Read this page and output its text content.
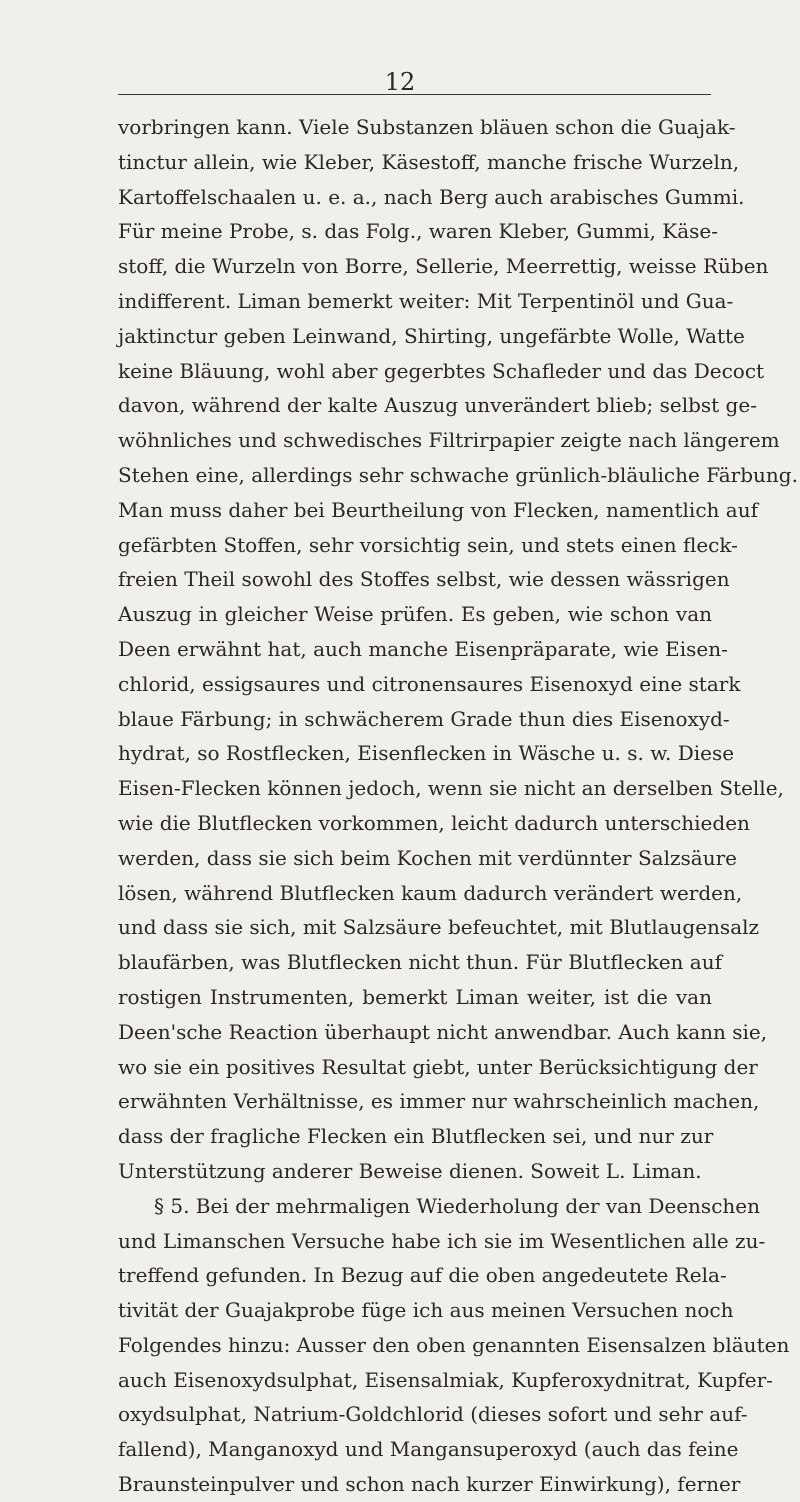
12
vorbringen kann. Viele Substanzen bläuen schon die Guajak-
tinctur allein, wie Kleber, Käsestoff, manche frische Wurzeln,
Kartoffelschaalen u. e. a., nach Berg auch arabisches Gummi.
Für meine Probe, s. das Folg., waren Kleber, Gummi, Käse-
stoff, die Wurzeln von Borre, Sellerie, Meerrettig, weisse Rüben
indifferent. Liman bemerkt weiter: Mit Terpentinöl und Gua-
jaktinctur geben Leinwand, Shirting, ungefärbte Wolle, Watte
keine Bläuung, wohl aber gegerbtes Schafleder und das Decoct
davon, während der kalte Auszug unverändert blieb; selbst ge-
wöhnliches und schwedisches Filtrirpapier zeigte nach längerem
Stehen eine, allerdings sehr schwache grünlich-bläuliche Färbung.
Man muss daher bei Beurtheilung von Flecken, namentlich auf
gefärbten Stoffen, sehr vorsichtig sein, und stets einen fleck-
freien Theil sowohl des Stoffes selbst, wie dessen wässrigen
Auszug in gleicher Weise prüfen. Es geben, wie schon van
Deen erwähnt hat, auch manche Eisenpräparate, wie Eisen-
chlorid, essigsaures und citronensaures Eisenoxyd eine stark
blaue Färbung; in schwächerem Grade thun dies Eisenoxyd-
hydrat, so Rostflecken, Eisenflecken in Wäsche u. s. w. Diese
Eisen-Flecken können jedoch, wenn sie nicht an derselben Stelle,
wie die Blutflecken vorkommen, leicht dadurch unterschieden
werden, dass sie sich beim Kochen mit verdünnter Salzsäure
lösen, während Blutflecken kaum dadurch verändert werden,
und dass sie sich, mit Salzsäure befeuchtet, mit Blutlaugensalz
blaufärben, was Blutflecken nicht thun. Für Blutflecken auf
rostigen Instrumenten, bemerkt Liman weiter, ist die van
Deen'sche Reaction überhaupt nicht anwendbar. Auch kann sie,
wo sie ein positives Resultat giebt, unter Berücksichtigung der
erwähnten Verhältnisse, es immer nur wahrscheinlich machen,
dass der fragliche Flecken ein Blutflecken sei, und nur zur
Unterstützung anderer Beweise dienen. Soweit L. Liman.
§ 5. Bei der mehrmaligen Wiederholung der van Deenschen
und Limanschen Versuche habe ich sie im Wesentlichen alle zu-
treffend gefunden. In Bezug auf die oben angedeutete Rela-
tivität der Guajakprobe füge ich aus meinen Versuchen noch
Folgendes hinzu: Ausser den oben genannten Eisensalzen bläuten
auch Eisenoxydsulphat, Eisensalmiak, Kupferoxydnitrat, Kupfer-
oxydsulphat, Natrium-Goldchlorid (dieses sofort und sehr auf-
fallend), Manganoxyd und Mangansuperoxyd (auch das feine
Braunsteinpulver und schon nach kurzer Einwirkung), ferner
